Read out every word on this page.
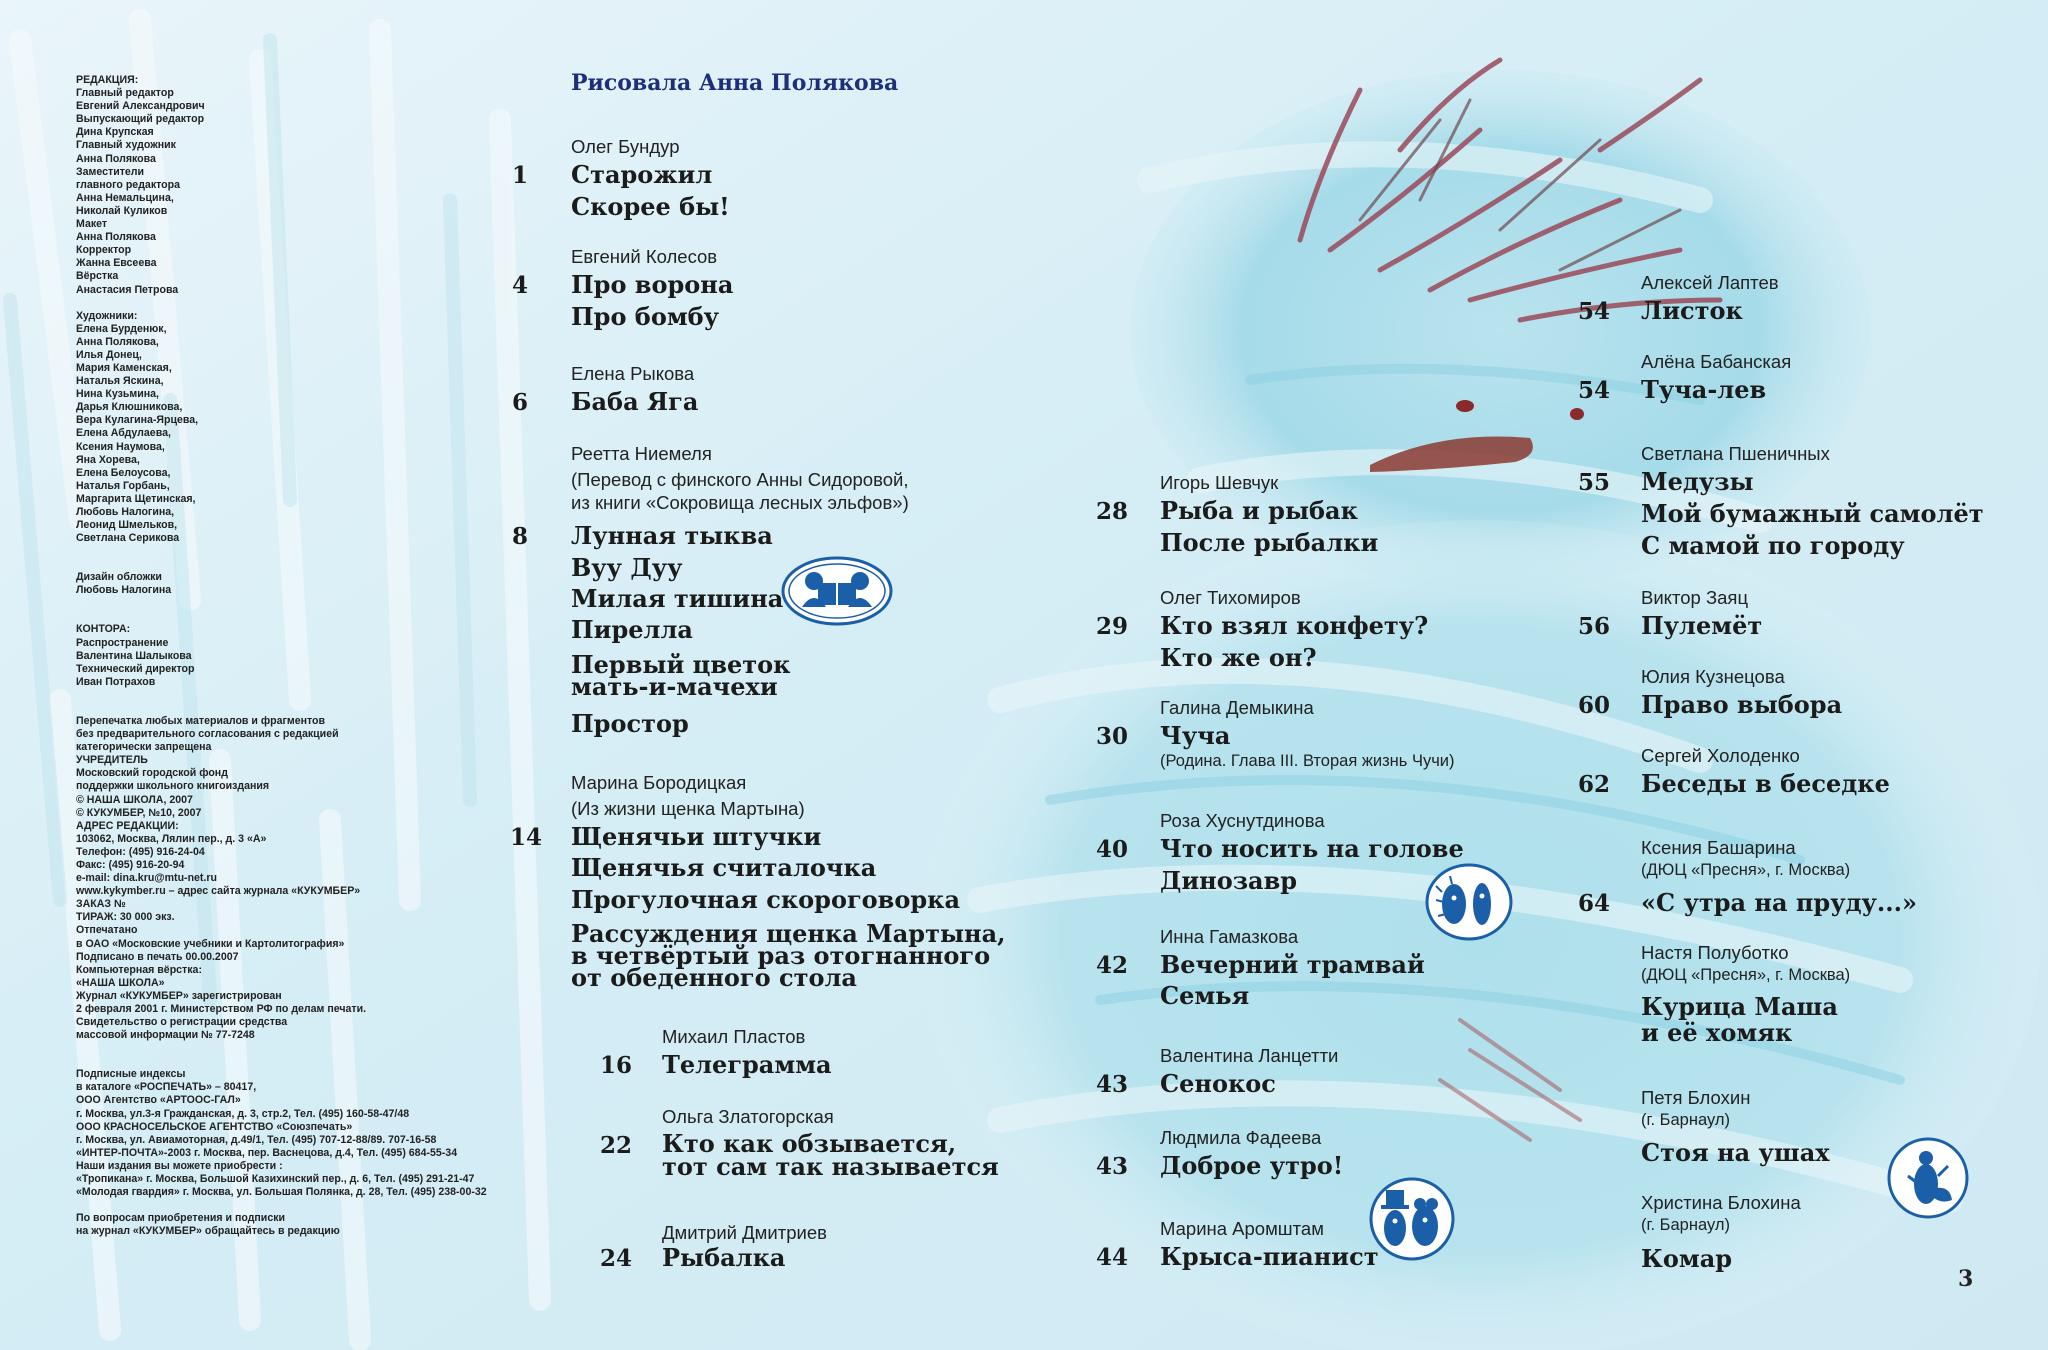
РЕДАКЦИЯ:
Главный редактор
Евгений Александрович
Выпускающий редактор
Дина Крупская
Главный художник
Анна Полякова
Заместители
главного редактора
Анна Немальцина,
Николай Куликов
Макет
Анна Полякова
Корректор
Жанна Евсеева
Вёрстка
Анастасия Петрова
Художники:
Елена Бурденюк,
Анна Полякова,
Илья Донец,
Мария Каменская,
Наталья Яскина,
Нина Кузьмина,
Дарья Клюшникова,
Вера Кулагина-Ярцева,
Елена Абдулаева,
Ксения Наумова,
Яна Хорева,
Елена Белоусова,
Наталья Горбань,
Маргарита Щетинская,
Любовь Налогина,
Леонид Шмельков,
Светлана Серикова
Дизайн обложки
Любовь Налогина
КОНТОРА:
Распространение
Валентина Шалыкова
Технический директор
Иван Потрахов
Перепечатка любых материалов и фрагментов
без предварительного согласования с редакцией
категорически запрещена
УЧРЕДИТЕЛЬ
Московский городской фонд
поддержки школьного книгоиздания
© НАША ШКОЛА, 2007
© КУКУМБЕР, №10, 2007
АДРЕС РЕДАКЦИИ:
103062, Москва, Лялин пер., д. 3 «А»
Телефон: (495) 916-24-04
Факс: (495) 916-20-94
e-mail: dina.kru@mtu-net.ru
www.kykymber.ru – адрес сайта журнала «КУКУМБЕР»
ЗАКАЗ №
ТИРАЖ: 30 000 экз.
Отпечатано
в ОАО «Московские учебники и Картолитография»
Подписано в печать 00.00.2007
Компьютерная вёрстка:
«НАША ШКОЛА»
Журнал «КУКУМБЕР» зарегистрирован
2 февраля 2001 г. Министерством РФ по делам печати.
Свидетельство о регистрации средства
массовой информации № 77-7248
Подписные индексы
в каталоге «РОСПЕЧАТЬ» – 80417,
ООО Агентство «АРТООС-ГАЛ»
г. Москва, ул.3-я Гражданская, д. 3, стр.2, Тел. (495) 160-58-47/48
ООО КРАСНОСЕЛЬСКОЕ АГЕНТСТВО «Союзпечать»
г. Москва, ул. Авиамоторная, д.49/1, Тел. (495) 707-12-88/89. 707-16-58
«ИНТЕР-ПОЧТА»-2003 г. Москва, пер. Васнецова, д.4, Тел. (495) 684-55-34
Наши издания вы можете приобрести :
«Тропикана» г. Москва, Большой Казихинский пер., д. 6, Тел. (495) 291-21-47
«Молодая гвардия» г. Москва, ул. Большая Полянка, д. 28, Тел. (495) 238-00-32
По вопросам приобретения и подписки
на журнал «КУКУМБЕР» обращайтесь в редакцию
Рисовала Анна Полякова
Олег Бундур
1 Старожил
Скорее бы!
Евгений Колесов
4 Про ворона
Про бомбу
Елена Рыкова
6 Баба Яга
Реетта Ниемеля
(Перевод с финского Анны Сидоровой,
из книги «Сокровища лесных эльфов»)
8 Лунная тыква
Вуу Дуу
Милая тишина
Пирелла
Первый цветок
мать-и-мачехи
Простор
Марина Бородицкая
(Из жизни щенка Мартына)
14 Щенячьи штучки
Щенячья считалочка
Прогулочная скороговорка
Рассуждения щенка Мартына,
в четвёртый раз отогнанного
от обеденного стола
Михаил Пластов
16 Телеграмма
Ольга Златогорская
22 Кто как обзывается,
тот сам так называется
Дмитрий Дмитриев
24 Рыбалка
Игорь Шевчук
28 Рыба и рыбак
После рыбалки
Олег Тихомиров
29 Кто взял конфету?
Кто же он?
Галина Демыкина
30 Чуча
(Родина. Глава III. Вторая жизнь Чучи)
Роза Хуснутдинова
40 Что носить на голове
Динозавр
Инна Гамазкова
42 Вечерний трамвай
Семья
Валентина Ланцетти
43 Сенокос
Людмила Фадеева
43 Доброе утро!
Марина Аромштам
44 Крыса-пианист
Алексей Лаптев
54 Листок
Алёна Бабанская
54 Туча-лев
Светлана Пшеничных
55 Медузы
Мой бумажный самолёт
С мамой по городу
Виктор Заяц
56 Пулемёт
Юлия Кузнецова
60 Право выбора
Сергей Холоденко
62 Беседы в беседке
Ксения Башарина
(ДЮЦ «Пресня», г. Москва)
64 «С утра на пруду...»
Настя Полуботко
(ДЮЦ «Пресня», г. Москва)
Курица Маша
и её хомяк
Петя Блохин
(г. Барнаул)
Стоя на ушах
Христина Блохина
(г. Барнаул)
Комар
3
